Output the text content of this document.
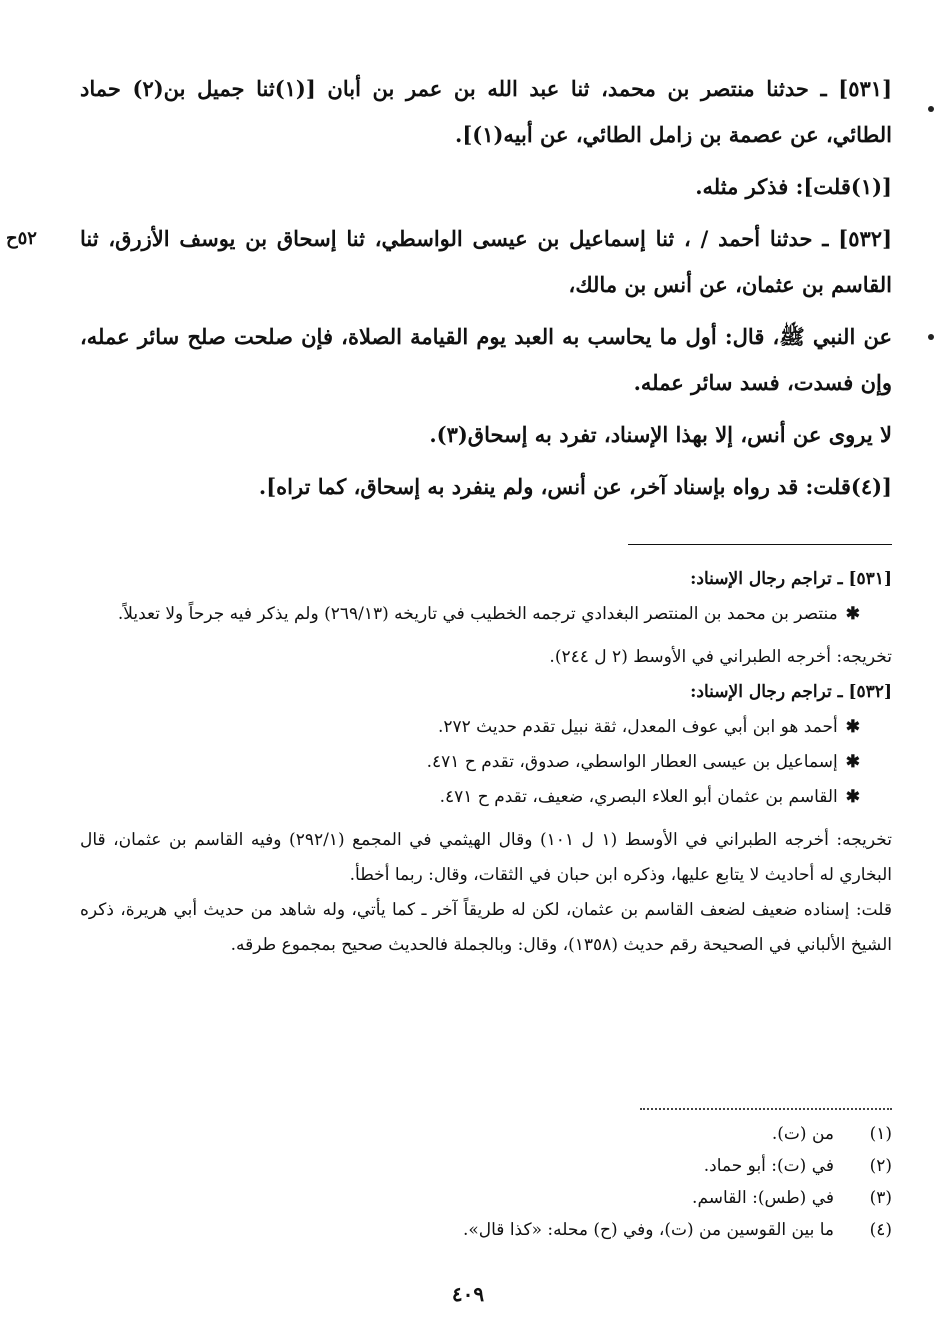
[٥٣١] ـ حدثنا منتصر بن محمد، ثنا عبد الله بن عمر بن أبان [(١)ثنا جميل بن(٢) حماد الطائي، عن عصمة بن زامل الطائي، عن أبيه(١)].

[(١)قلت]: فذكر مثله.

٥٢ح	[٥٣٢] ـ حدثنا أحمد / ، ثنا إسماعيل بن عيسى الواسطي، ثنا إسحاق بن يوسف الأزرق، ثنا القاسم بن عثمان، عن أنس بن مالك،

عن النبي ﷺ، قال: أول ما يحاسب به العبد يوم القيامة الصلاة، فإن صلحت صلح سائر عمله، وإن فسدت، فسد سائر عمله.

لا يروى عن أنس، إلا بهذا الإسناد، تفرد به إسحاق(٣).

[(٤)قلت: قد رواه بإسناد آخر، عن أنس، ولم ينفرد به إسحاق، كما تراه].

[٥٣١] ـ تراجم رجال الإسناد:

✱منتصر بن محمد بن المنتصر البغدادي ترجمه الخطيب في تاريخه (٢٦٩/١٣) ولم يذكر فيه جرحاً ولا تعديلاً.

تخريجه: أخرجه الطبراني في الأوسط (٢ ل ٢٤٤).

[٥٣٢] ـ تراجم رجال الإسناد:

✱أحمد هو ابن أبي عوف المعدل، ثقة نبيل تقدم حديث ٢٧٢.

✱إسماعيل بن عيسى العطار الواسطي، صدوق، تقدم ح ٤٧١.

✱القاسم بن عثمان أبو العلاء البصري، ضعيف، تقدم ح ٤٧١.

تخريجه: أخرجه الطبراني في الأوسط (١ ل ١٠١) وقال الهيثمي في المجمع (٢٩٢/١) وفيه القاسم بن عثمان، قال البخاري له أحاديث لا يتابع عليها، وذكره ابن حبان في الثقات، وقال: ربما أخطأ.

قلت: إسناده ضعيف لضعف القاسم بن عثمان، لكن له طريقاً آخر ـ كما يأتي، وله شاهد من حديث أبي هريرة، ذكره الشيخ الألباني في الصحيحة رقم حديث (١٣٥٨)، وقال: وبالجملة فالحديث صحيح بمجموع طرقه.

(١)
من (ت).
(٢)
في (ت): أبو حماد.
(٣)
في (طس): القاسم.
(٤)
ما بين القوسين من (ت)، وفي (ح) محله: «كذا قال».
٤٠٩
